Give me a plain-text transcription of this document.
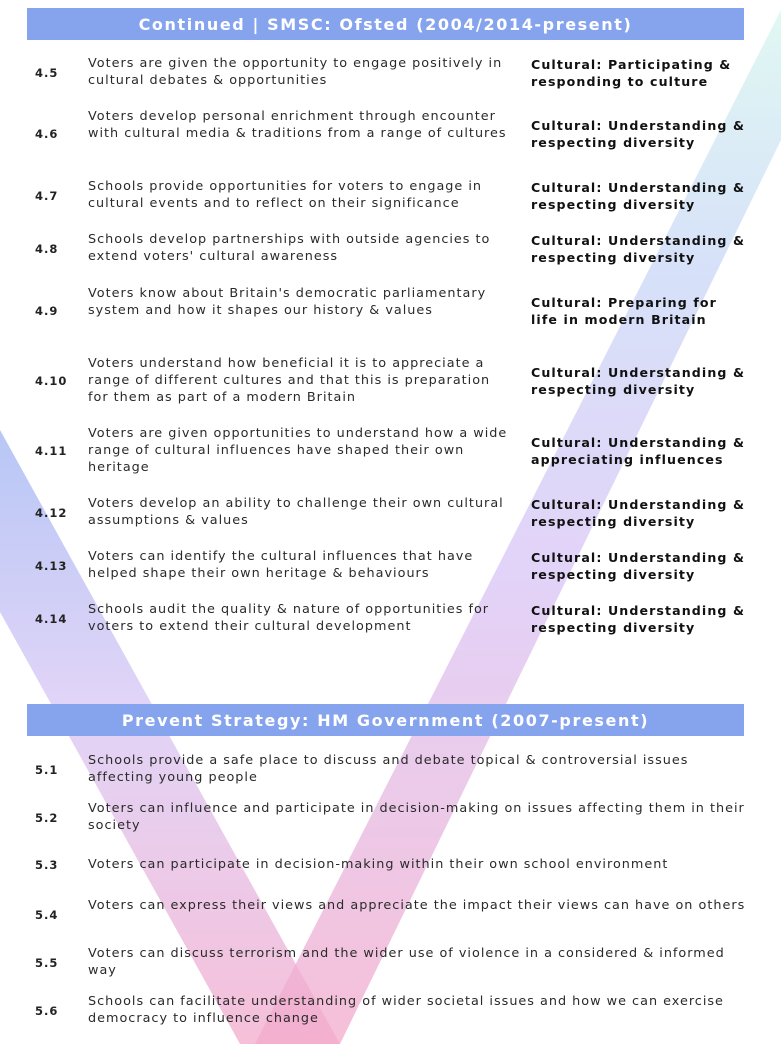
Continued | SMSC: Ofsted (2004/2014-present)
4.5
Voters are given the opportunity to engage positively in cultural debates & opportunities
Cultural: Participating & responding to culture
4.6
Voters develop personal enrichment through encounter with cultural media & traditions from a range of cultures
Cultural: Understanding & respecting diversity
4.7
Schools provide opportunities for voters to engage in cultural events and to reflect on their significance
Cultural: Understanding & respecting diversity
4.8
Schools develop partnerships with outside agencies to extend voters' cultural awareness
Cultural: Understanding & respecting diversity
4.9
Voters know about Britain's democratic parliamentary system and how it shapes our history & values
Cultural: Preparing for life in modern Britain
4.10
Voters understand how beneficial it is to appreciate a range of different cultures and that this is preparation for them as part of a modern Britain
Cultural: Understanding & respecting diversity
4.11
Voters are given opportunities to understand how a wide range of cultural influences have shaped their own heritage
Cultural: Understanding & appreciating influences
4.12
Voters develop an ability to challenge their own cultural assumptions & values
Cultural: Understanding & respecting diversity
4.13
Voters can identify the cultural influences that have helped shape their own heritage & behaviours
Cultural: Understanding & respecting diversity
4.14
Schools audit the quality & nature of opportunities for voters to extend their cultural development
Cultural: Understanding & respecting diversity
Prevent Strategy: HM Government (2007-present)
5.1
Schools provide a safe place to discuss and debate topical & controversial issues affecting young people
5.2
Voters can influence and participate in decision-making on issues affecting them in their society
5.3 Voters can participate in decision-making within their own school environment
5.4
Voters can express their views and appreciate the impact their views can have on others
5.5
Voters can discuss terrorism and the wider use of violence in a considered & informed way
5.6
Schools can facilitate understanding of wider societal issues and how we can exercise democracy to influence change
